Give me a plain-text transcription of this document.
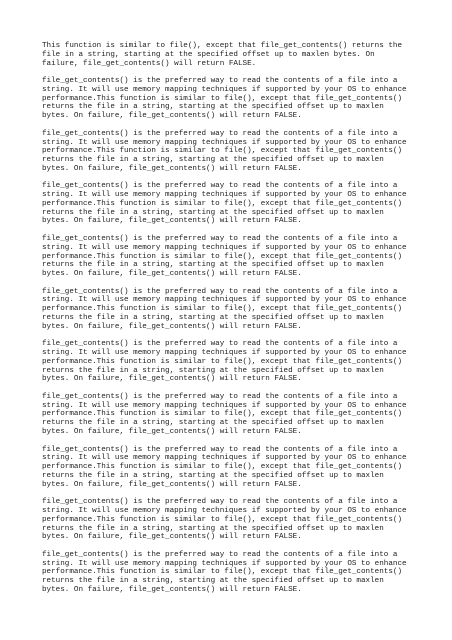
This function is similar to file(), except that file_get_contents() returns the
file in a string, starting at the specified offset up to maxlen bytes. On
failure, file_get_contents() will return FALSE.
file_get_contents() is the preferred way to read the contents of a file into a
string. It will use memory mapping techniques if supported by your OS to enhance
performance.This function is similar to file(), except that file_get_contents()
returns the file in a string, starting at the specified offset up to maxlen
bytes. On failure, file_get_contents() will return FALSE.
file_get_contents() is the preferred way to read the contents of a file into a
string. It will use memory mapping techniques if supported by your OS to enhance
performance.This function is similar to file(), except that file_get_contents()
returns the file in a string, starting at the specified offset up to maxlen
bytes. On failure, file_get_contents() will return FALSE.
file_get_contents() is the preferred way to read the contents of a file into a
string. It will use memory mapping techniques if supported by your OS to enhance
performance.This function is similar to file(), except that file_get_contents()
returns the file in a string, starting at the specified offset up to maxlen
bytes. On failure, file_get_contents() will return FALSE.
file_get_contents() is the preferred way to read the contents of a file into a
string. It will use memory mapping techniques if supported by your OS to enhance
performance.This function is similar to file(), except that file_get_contents()
returns the file in a string, starting at the specified offset up to maxlen
bytes. On failure, file_get_contents() will return FALSE.
file_get_contents() is the preferred way to read the contents of a file into a
string. It will use memory mapping techniques if supported by your OS to enhance
performance.This function is similar to file(), except that file_get_contents()
returns the file in a string, starting at the specified offset up to maxlen
bytes. On failure, file_get_contents() will return FALSE.
file_get_contents() is the preferred way to read the contents of a file into a
string. It will use memory mapping techniques if supported by your OS to enhance
performance.This function is similar to file(), except that file_get_contents()
returns the file in a string, starting at the specified offset up to maxlen
bytes. On failure, file_get_contents() will return FALSE.
file_get_contents() is the preferred way to read the contents of a file into a
string. It will use memory mapping techniques if supported by your OS to enhance
performance.This function is similar to file(), except that file_get_contents()
returns the file in a string, starting at the specified offset up to maxlen
bytes. On failure, file_get_contents() will return FALSE.
file_get_contents() is the preferred way to read the contents of a file into a
string. It will use memory mapping techniques if supported by your OS to enhance
performance.This function is similar to file(), except that file_get_contents()
returns the file in a string, starting at the specified offset up to maxlen
bytes. On failure, file_get_contents() will return FALSE.
file_get_contents() is the preferred way to read the contents of a file into a
string. It will use memory mapping techniques if supported by your OS to enhance
performance.This function is similar to file(), except that file_get_contents()
returns the file in a string, starting at the specified offset up to maxlen
bytes. On failure, file_get_contents() will return FALSE.
file_get_contents() is the preferred way to read the contents of a file into a
string. It will use memory mapping techniques if supported by your OS to enhance
performance.This function is similar to file(), except that file_get_contents()
returns the file in a string, starting at the specified offset up to maxlen
bytes. On failure, file_get_contents() will return FALSE.
